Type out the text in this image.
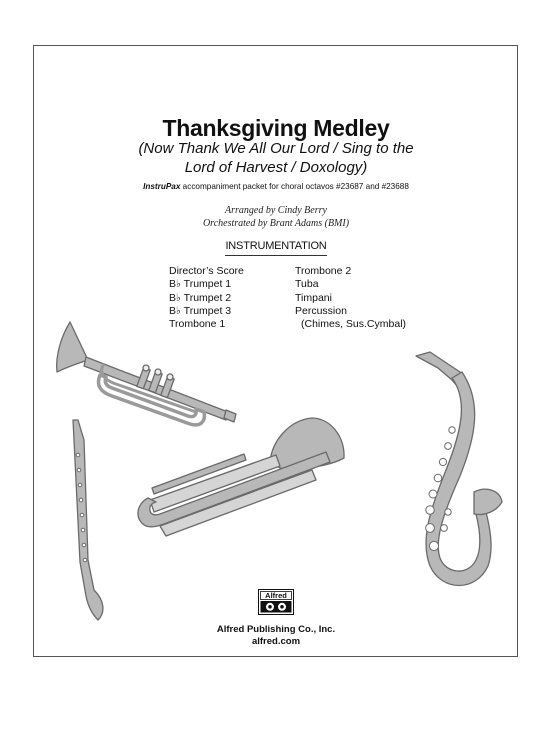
Thanksgiving Medley
(Now Thank We All Our Lord / Sing to the
Lord of Harvest / Doxology)
InstruPax accompaniment packet for choral octavos #23687 and #23688
Arranged by Cindy Berry
Orchestrated by Brant Adams (BMI)
INSTRUMENTATION
Director’s Score
B♭ Trumpet 1
B♭ Trumpet 2
B♭ Trumpet 3
Trombone 1
Trombone 2
Tuba
Timpani
Percussion
(Chimes, Sus.Cymbal)
Alfred
Alfred Publishing Co., Inc.
alfred.com
